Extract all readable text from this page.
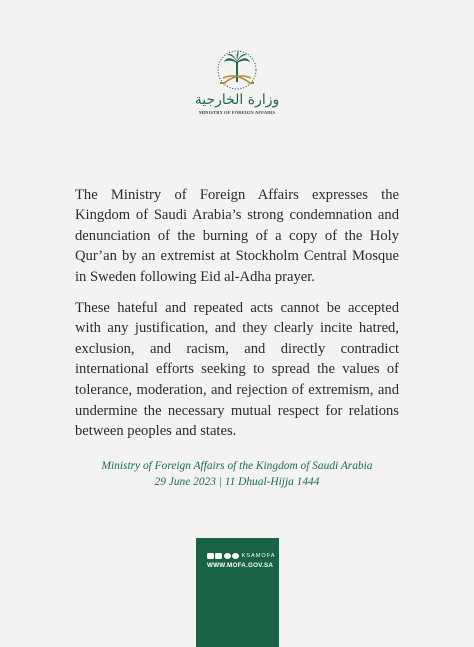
وزارة الخارجية
MINISTRY OF FOREIGN AFFAIRS

The Ministry of Foreign Affairs expresses the Kingdom of Saudi Arabia’s strong condemnation and denunciation of the burning of a copy of the Holy Qur’an by an extremist at Stockholm Central Mosque in Sweden following Eid al-Adha prayer.

These hateful and repeated acts cannot be accepted with any justification, and they clearly incite hatred, exclusion, and racism, and directly contradict international efforts seeking to spread the values of tolerance, moderation, and rejection of extremism, and undermine the necessary mutual respect for relations between peoples and states.

Ministry of Foreign Affairs of the Kingdom of Saudi Arabia
29 June 2023 | 11 Dhual-Hijja 1444
KSAMOFA
WWW.MOFA.GOV.SA
